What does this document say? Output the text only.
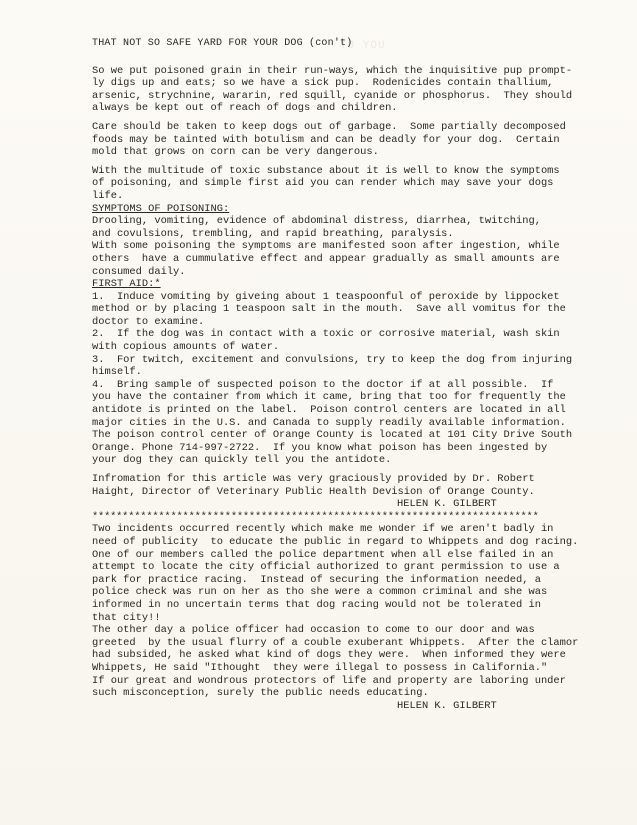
TO YOU
THAT NOT SO SAFE YARD FOR YOUR DOG (con't)
So we put poisoned grain in their run-ways, which the inquisitive pup prompt-
ly digs up and eats; so we have a sick pup.  Rodenicides contain thallium,
arsenic, strychnine, wararin, red squill, cyanide or phosphorus.  They should
always be kept out of reach of dogs and children.
Care should be taken to keep dogs out of garbage.  Some partially decomposed
foods may be tainted with botulism and can be deadly for your dog.  Certain
mold that grows on corn can be very dangerous.
With the multitude of toxic substance about it is well to know the symptoms
of poisoning, and simple first aid you can render which may save your dogs
life.
SYMPTOMS OF POISONING:
Drooling, vomiting, evidence of abdominal distress, diarrhea, twitching,
and covulsions, trembling, and rapid breathing, paralysis.
With some poisoning the symptoms are manifested soon after ingestion, while
others  have a cummulative effect and appear gradually as small amounts are
consumed daily.
FIRST AID:*
1.  Induce vomiting by giveing about 1 teaspoonful of peroxide by lippocket
method or by placing 1 teaspoon salt in the mouth.  Save all vomitus for the
doctor to examine.
2.  If the dog was in contact with a toxic or corrosive material, wash skin
with copious amounts of water.
3.  For twitch, excitement and convulsions, try to keep the dog from injuring
himself.
4.  Bring sample of suspected poison to the doctor if at all possible.  If
you have the container from which it came, bring that too for frequently the
antidote is printed on the label.  Poison control centers are located in all
major cities in the U.S. and Canada to supply readily available information.
The poison control center of Orange County is located at 101 City Drive South
Orange. Phone 714-997-2722.  If you know what poison has been ingested by
your dog they can quickly tell you the antidote.
Infromation for this article was very graciously provided by Dr. Robert
Haight, Director of Veterinary Public Health Devision of Orange County.
HELEN K. GILBERT
**************************************************************************
Two incidents occurred recently which make me wonder if we aren't badly in
need of publicity  to educate the public in regard to Whippets and dog racing.
One of our members called the police department when all else failed in an
attempt to locate the city official authorized to grant permission to use a
park for practice racing.  Instead of securing the information needed, a
police check was run on her as tho she were a common criminal and she was
informed in no uncertain terms that dog racing would not be tolerated in
that city!!
The other day a police officer had occasion to come to our door and was
greeted  by the usual flurry of a couble exuberant Whippets.  After the clamor
had subsided, he asked what kind of dogs they were.  When informed they were
Whippets, He said "Ithought  they were illegal to possess in California."
If our great and wondrous protectors of life and property are laboring under
such misconception, surely the public needs educating.
HELEN K. GILBERT
